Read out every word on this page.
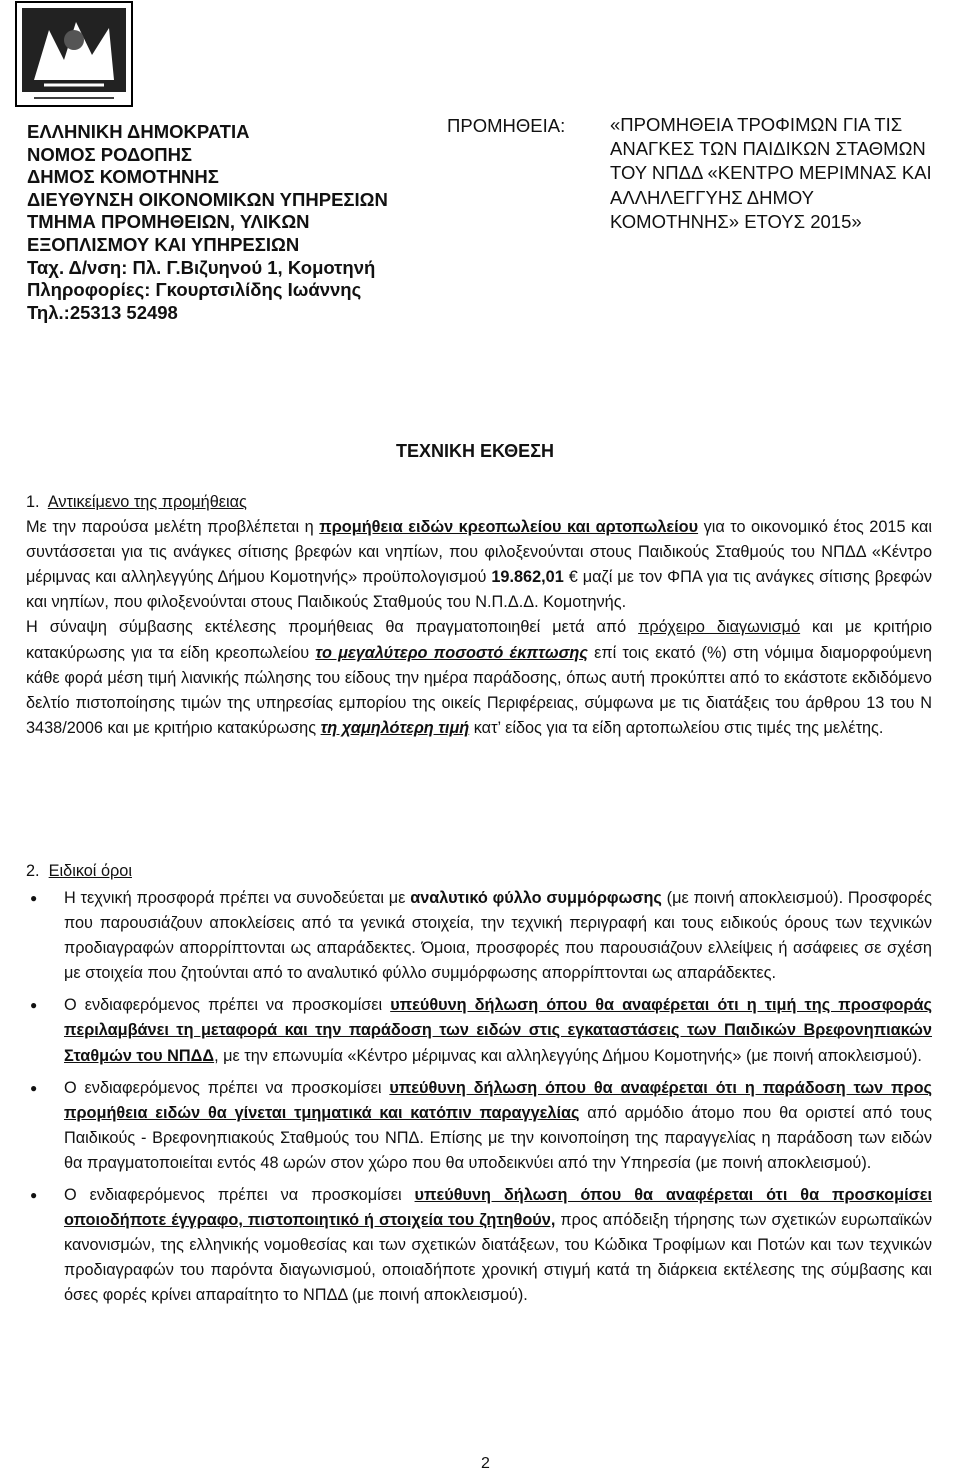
ΕΛΛΗΝΙΚΗ ΔΗΜΟΚΡΑΤΙΑ
ΝΟΜΟΣ ΡΟΔΟΠΗΣ
ΔΗΜΟΣ ΚΟΜΟΤΗΝΗΣ
ΔΙΕΥΘΥΝΣΗ ΟΙΚΟΝΟΜΙΚΩΝ ΥΠΗΡΕΣΙΩΝ
ΤΜΗΜΑ ΠΡΟΜΗΘΕΙΩΝ, ΥΛΙΚΩΝ
ΕΞΟΠΛΙΣΜΟΥ ΚΑΙ ΥΠΗΡΕΣΙΩΝ
Ταχ. Δ/νση: Πλ. Γ.Βιζυηνού 1, Κομοτηνή
Πληροφορίες: Γκουρτσιλίδης Ιωάννης
Τηλ.:25313 52498
ΠΡΟΜΗΘΕΙΑ: «ΠΡΟΜΗΘΕΙΑ ΤΡΟΦΙΜΩΝ ΓΙΑ ΤΙΣ ΑΝΑΓΚΕΣ ΤΩΝ ΠΑΙΔΙΚΩΝ ΣΤΑΘΜΩΝ ΤΟΥ ΝΠΔΔ «ΚΕΝΤΡΟ ΜΕΡΙΜΝΑΣ ΚΑΙ ΑΛΛΗΛΕΓΓΥΗΣ ΔΗΜΟΥ ΚΟΜΟΤΗΝΗΣ» ΕΤΟΥΣ 2015»
ΤΕΧΝΙΚΗ ΕΚΘΕΣΗ

1. Αντικείμενο της προμήθειας

Με την παρούσα μελέτη προβλέπεται η προμήθεια ειδών κρεοπωλείου και αρτοπωλείου για το οικονομικό έτος 2015 και συντάσσεται για τις ανάγκες σίτισης βρεφών και νηπίων, που φιλοξενούνται στους Παιδικούς Σταθμούς του ΝΠΔΔ «Κέντρο μέριμνας και αλληλεγγύης Δήμου Κομοτηνής» προϋπολογισμού 19.862,01 € μαζί με τον ΦΠΑ για τις ανάγκες σίτισης βρεφών και νηπίων, που φιλοξενούνται στους Παιδικούς Σταθμούς του Ν.Π.Δ.Δ. Κομοτηνής.

Η σύναψη σύμβασης εκτέλεσης προμήθειας θα πραγματοποιηθεί μετά από πρόχειρο διαγωνισμό και με κριτήριο κατακύρωσης για τα είδη κρεοπωλείου το μεγαλύτερο ποσοστό έκπτωσης επί τοις εκατό (%) στη νόμιμα διαμορφούμενη κάθε φορά μέση τιμή λιανικής πώλησης του είδους την ημέρα παράδοσης, όπως αυτή προκύπτει από το εκάστοτε εκδιδόμενο δελτίο πιστοποίησης τιμών της υπηρεσίας εμπορίου της οικείς Περιφέρειας, σύμφωνα με τις διατάξεις του άρθρου 13 του Ν 3438/2006 και με κριτήριο κατακύρωσης τη χαμηλότερη τιμή κατ’ είδος για τα είδη αρτοπωλείου στις τιμές της μελέτης.

2. Ειδικοί όροι
● Η τεχνική προσφορά πρέπει να συνοδεύεται με αναλυτικό φύλλο συμμόρφωσης (με ποινή αποκλεισμού). Προσφορές που παρουσιάζουν αποκλείσεις από τα γενικά στοιχεία, την τεχνική περιγραφή και τους ειδικούς όρους των τεχνικών προδιαγραφών απορρίπτονται ως απαράδεκτες. Όμοια, προσφορές που παρουσιάζουν ελλείψεις ή ασάφειες σε σχέση με στοιχεία που ζητούνται από το αναλυτικό φύλλο συμμόρφωσης απορρίπτονται ως απαράδεκτες.
● Ο ενδιαφερόμενος πρέπει να προσκομίσει υπεύθυνη δήλωση όπου θα αναφέρεται ότι η τιμή της προσφοράς περιλαμβάνει τη μεταφορά και την παράδοση των ειδών στις εγκαταστάσεις των Παιδικών Βρεφονηπιακών Σταθμών του ΝΠΔΔ, με την επωνυμία «Κέντρο μέριμνας και αλληλεγγύης Δήμου Κομοτηνής» (με ποινή αποκλεισμού).
● Ο ενδιαφερόμενος πρέπει να προσκομίσει υπεύθυνη δήλωση όπου θα αναφέρεται ότι η παράδοση των προς προμήθεια ειδών θα γίνεται τμηματικά και κατόπιν παραγγελίας από αρμόδιο άτομο που θα οριστεί από τους Παιδικούς - Βρεφονηπιακούς Σταθμούς του ΝΠΔ. Επίσης με την κοινοποίηση της παραγγελίας η παράδοση των ειδών θα πραγματοποιείται εντός 48 ωρών στον χώρο που θα υποδεικνύει από την Υπηρεσία (με ποινή αποκλεισμού).
● Ο ενδιαφερόμενος πρέπει να προσκομίσει υπεύθυνη δήλωση όπου θα αναφέρεται ότι θα προσκομίσει οποιοδήποτε έγγραφο, πιστοποιητικό ή στοιχεία του ζητηθούν, προς απόδειξη τήρησης των σχετικών ευρωπαϊκών κανονισμών, της ελληνικής νομοθεσίας και των σχετικών διατάξεων, του Κώδικα Τροφίμων και Ποτών και των τεχνικών προδιαγραφών του παρόντα διαγωνισμού, οποιαδήποτε χρονική στιγμή κατά τη διάρκεια εκτέλεσης της σύμβασης και όσες φορές κρίνει απαραίτητο το ΝΠΔΔ (με ποινή αποκλεισμού).
2
